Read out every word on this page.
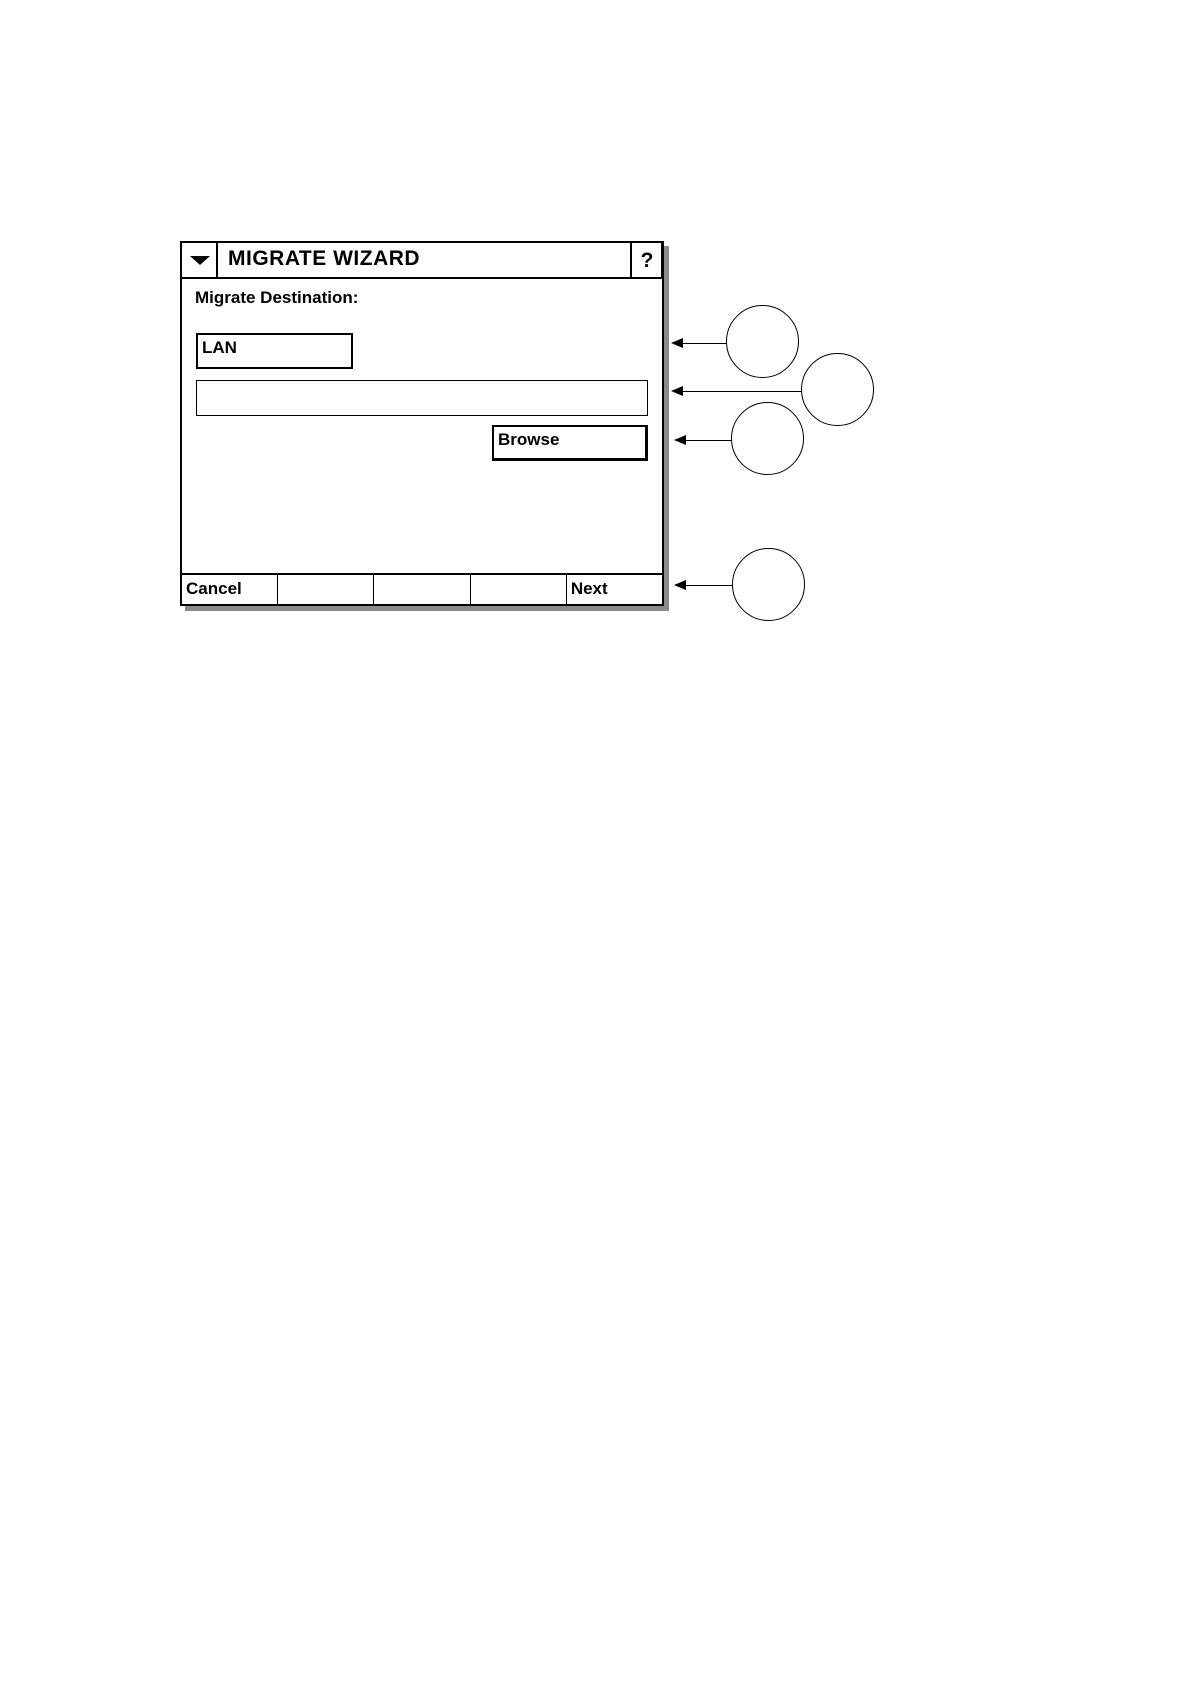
MIGRATE WIZARD	?
Migrate Destination:
LAN
Browse
Cancel	Next
